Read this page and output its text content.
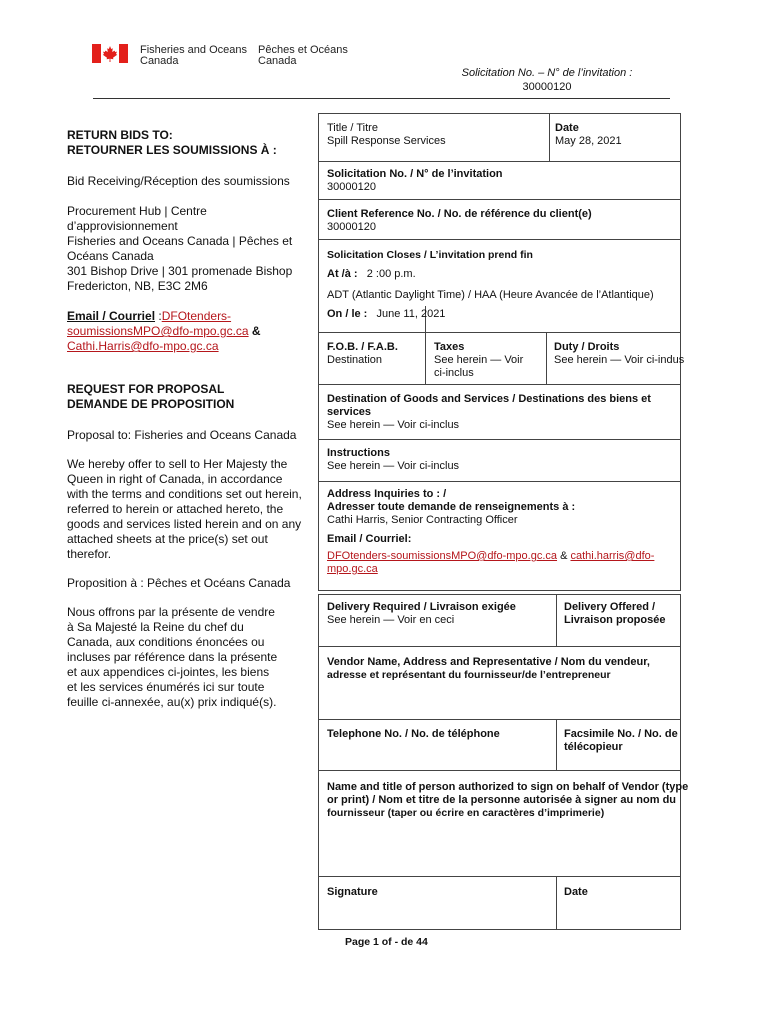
Fisheries and Oceans
Canada
Pêches et Océans
Canada
Solicitation No. – N° de l’invitation :
30000120
RETURN BIDS TO:
RETOURNER LES SOUMISSIONS À :
Bid Receiving/Réception des soumissions
Procurement Hub | Centre
d’approvisionnement
Fisheries and Oceans Canada | Pêches et
Océans Canada
301 Bishop Drive | 301 promenade Bishop
Fredericton, NB, E3C 2M6
Email / Courriel :DFOtenders-
soumissionsMPO@dfo-mpo.gc.ca &
Cathi.Harris@dfo-mpo.gc.ca
REQUEST FOR PROPOSAL
DEMANDE DE PROPOSITION
Proposal to: Fisheries and Oceans Canada
We hereby offer to sell to Her Majesty the
Queen in right of Canada, in accordance
with the terms and conditions set out herein,
referred to herein or attached hereto, the
goods and services listed herein and on any
attached sheets at the price(s) set out
therefor.
Proposition à : Pêches et Océans Canada
Nous offrons par la présente de vendre
à Sa Majesté la Reine du chef du
Canada, aux conditions énoncées ou
incluses par référence dans la présente
et aux appendices ci-jointes, les biens
et les services énumérés ici sur toute
feuille ci-annexée, au(x) prix indiqué(s).
Title / Titre
Spill Response Services
Date
May 28, 2021
Solicitation No. / N° de l’invitation
30000120
Client Reference No. / No. de référence du client(e)
30000120
Solicitation Closes / L’invitation prend fin
At /à : 2 :00 p.m.
ADT (Atlantic Daylight Time) / HAA (Heure Avancée de l’Atlantique)
On / le : June 11, 2021
F.O.B. / F.A.B.
Destination
Taxes
See herein — Voir
ci-inclus
Duty / Droits
See herein — Voir ci-indus
Destination of Goods and Services / Destinations des biens et
services
See herein — Voir ci-inclus
Instructions
See herein — Voir ci-inclus
Address Inquiries to : /
Adresser toute demande de renseignements à :
Cathi Harris, Senior Contracting Officer
Email / Courriel:
DFOtenders-soumissionsMPO@dfo-mpo.gc.ca & cathi.harris@dfo-
mpo.gc.ca
Delivery Required / Livraison exigée
See herein — Voir en ceci
Delivery Offered /
Livraison proposée
Vendor Name, Address and Representative / Nom du vendeur,
adresse et représentant du fournisseur/de l’entrepreneur
Telephone No. / No. de téléphone	Facsimile No. / No. de
télécopieur
Name and title of person authorized to sign on behalf of Vendor (type
or print) / Nom et titre de la personne autorisée à signer au nom du
fournisseur (taper ou écrire en caractères d’imprimerie)
Signature	Date
Page 1 of - de 44
